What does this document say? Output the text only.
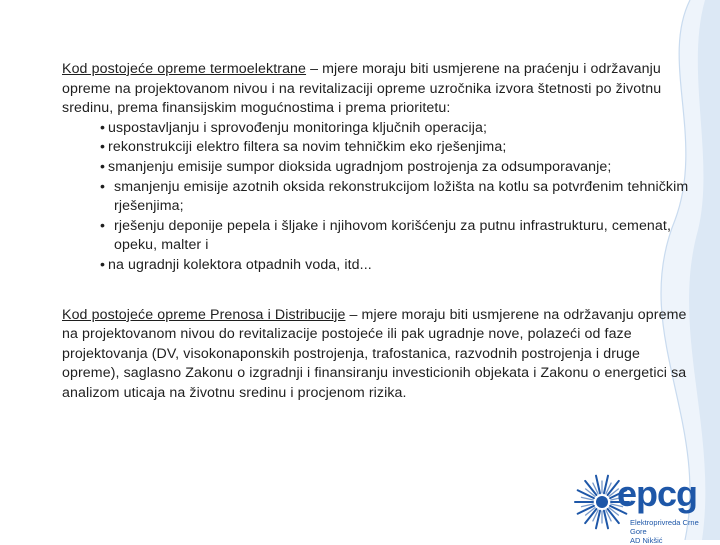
Kod postojeće opreme termoelektrane – mjere moraju biti usmjerene na praćenju i održavanju opreme na projektovanom nivou i na revitalizaciji opreme uzročnika izvora štetnosti po životnu sredinu, prema finansijskim mogućnostima i prema prioritetu:

• uspostavljanju i sprovođenju monitoringa ključnih operacija;
• rekonstrukciji elektro filtera sa novim tehničkim eko rješenjima;
• smanjenju emisije sumpor dioksida ugradnjom postrojenja za odsumporavanje;
• smanjenju emisije azotnih oksida rekonstrukcijom ložišta na kotlu sa potvrđenim tehničkim rješenjima;
• rješenju deponije pepela i šljake i njihovom korišćenju za putnu infrastrukturu, cemenat, opeku, malter i
• na ugradnji kolektora otpadnih voda, itd...

Kod postojeće opreme Prenosa i Distribucije – mjere moraju biti usmjerene na održavanju opreme na projektovanom nivou do revitalizacije postojeće ili pak ugradnje nove, polazeći od faze projektovanja (DV, visokonaponskih postrojenja, trafostanica, razvodnih postrojenja i druge opreme), saglasno Zakonu o izgradnji i finansiranju investicionih objekata i Zakonu o energetici sa analizom uticaja na životnu sredinu i procjenom rizika.

epcg
Elektroprivreda Crne Gore
AD Nikšić
